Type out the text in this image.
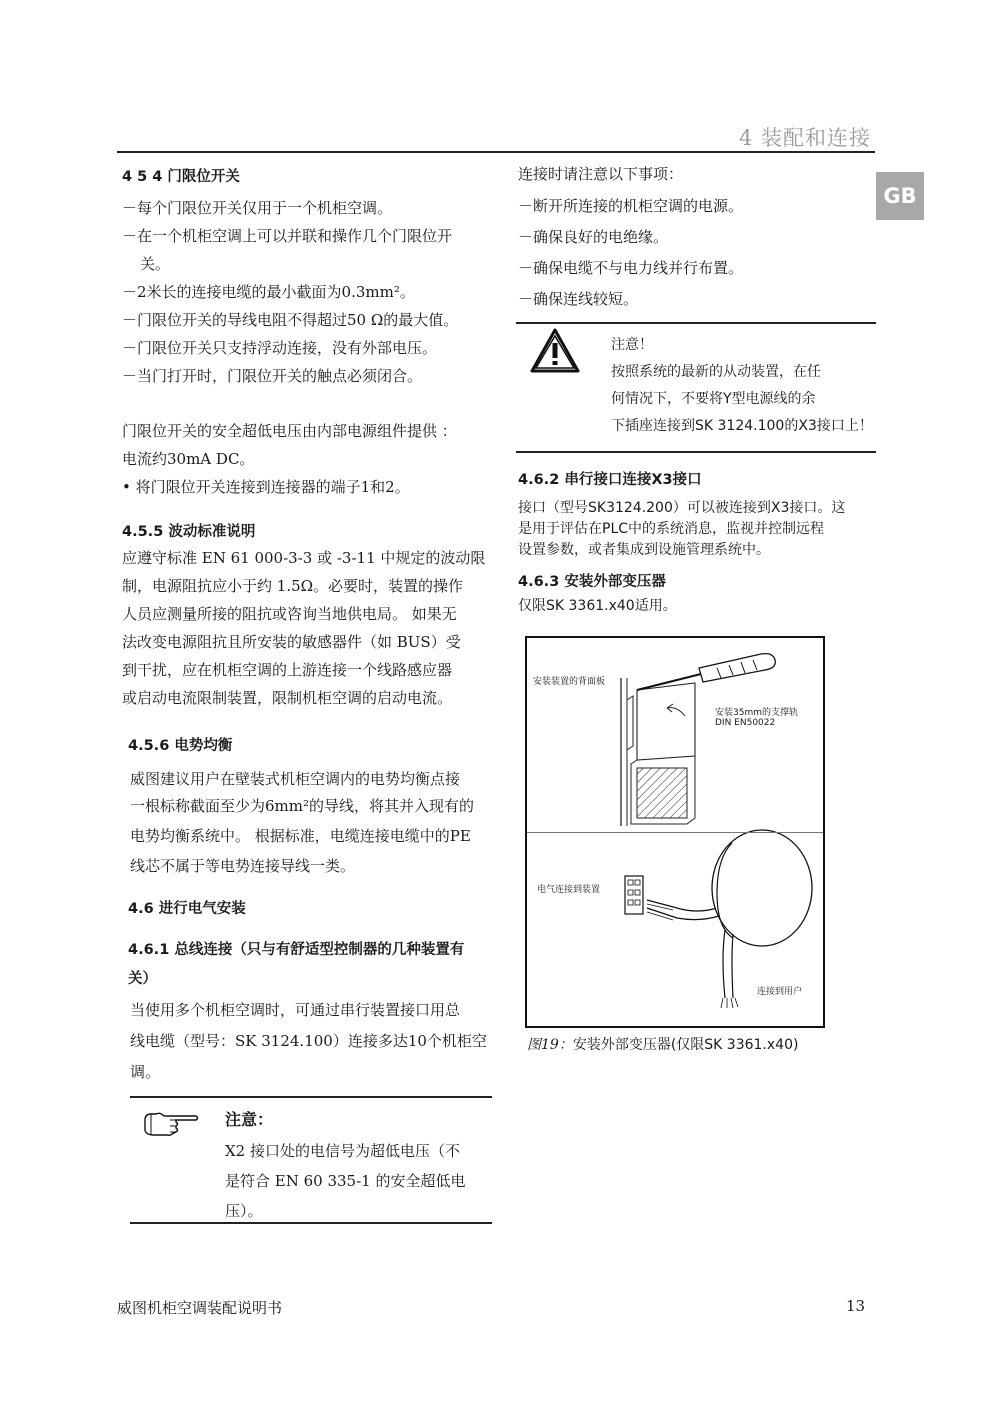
4 装配和连接
GB
4 5 4 门限位开关
－每个门限位开关仅用于一个机柜空调。
－在一个机柜空调上可以并联和操作几个门限位开
关。
－2米长的连接电缆的最小截面为0.3mm²。
－门限位开关的导线电阻不得超过50 Ω的最大值。
－门限位开关只支持浮动连接，没有外部电压。
－当门打开时，门限位开关的触点必须闭合。
门限位开关的安全超低电压由内部电源组件提供 ：
电流约30mA DC。
• 将门限位开关连接到连接器的端子1和2。
4.5.5 波动标准说明
应遵守标准 EN 61 000-3-3 或 -3-11 中规定的波动限
制，电源阻抗应小于约 1.5Ω。必要时，装置的操作
人员应测量所接的阻抗或咨询当地供电局。 如果无
法改变电源阻抗且所安装的敏感器件（如 BUS）受
到干扰，应在机柜空调的上游连接一个线路感应器
或启动电流限制装置，限制机柜空调的启动电流。
4.5.6 电势均衡
威图建议用户在壁装式机柜空调内的电势均衡点接
一根标称截面至少为6mm²的导线，将其并入现有的
电势均衡系统中。 根据标准，电缆连接电缆中的PE
线芯不属于等电势连接导线一类。
4.6 进行电气安装
4.6.1 总线连接（只与有舒适型控制器的几种装置有
关）
当使用多个机柜空调时，可通过串行装置接口用总
线电缆（型号：SK 3124.100）连接多达10个机柜空
调。
注意：
X2 接口处的电信号为超低电压（不
是符合 EN 60 335-1 的安全超低电
压）。
连接时请注意以下事项：
－断开所连接的机柜空调的电源。
－确保良好的电绝缘。
－确保电缆不与电力线并行布置。
－确保连线较短。
注意！
按照系统的最新的从动装置，在任
何情况下，不要将Y型电源线的余
下插座连接到SK 3124.100的X3接口上！
4.6.2 串行接口连接X3接口
接口（型号SK3124.200）可以被连接到X3接口。这
是用于评估在PLC中的系统消息，监视并控制远程
设置参数，或者集成到设施管理系统中。
4.6.3 安装外部变压器
仅限SK 3361.x40适用。
安装装置的背面板
安装35mm的支撑轨
DIN EN50022
电气连接到装置
连接到用户
图19：安装外部变压器(仅限SK 3361.x40)
威图机柜空调装配说明书	13
